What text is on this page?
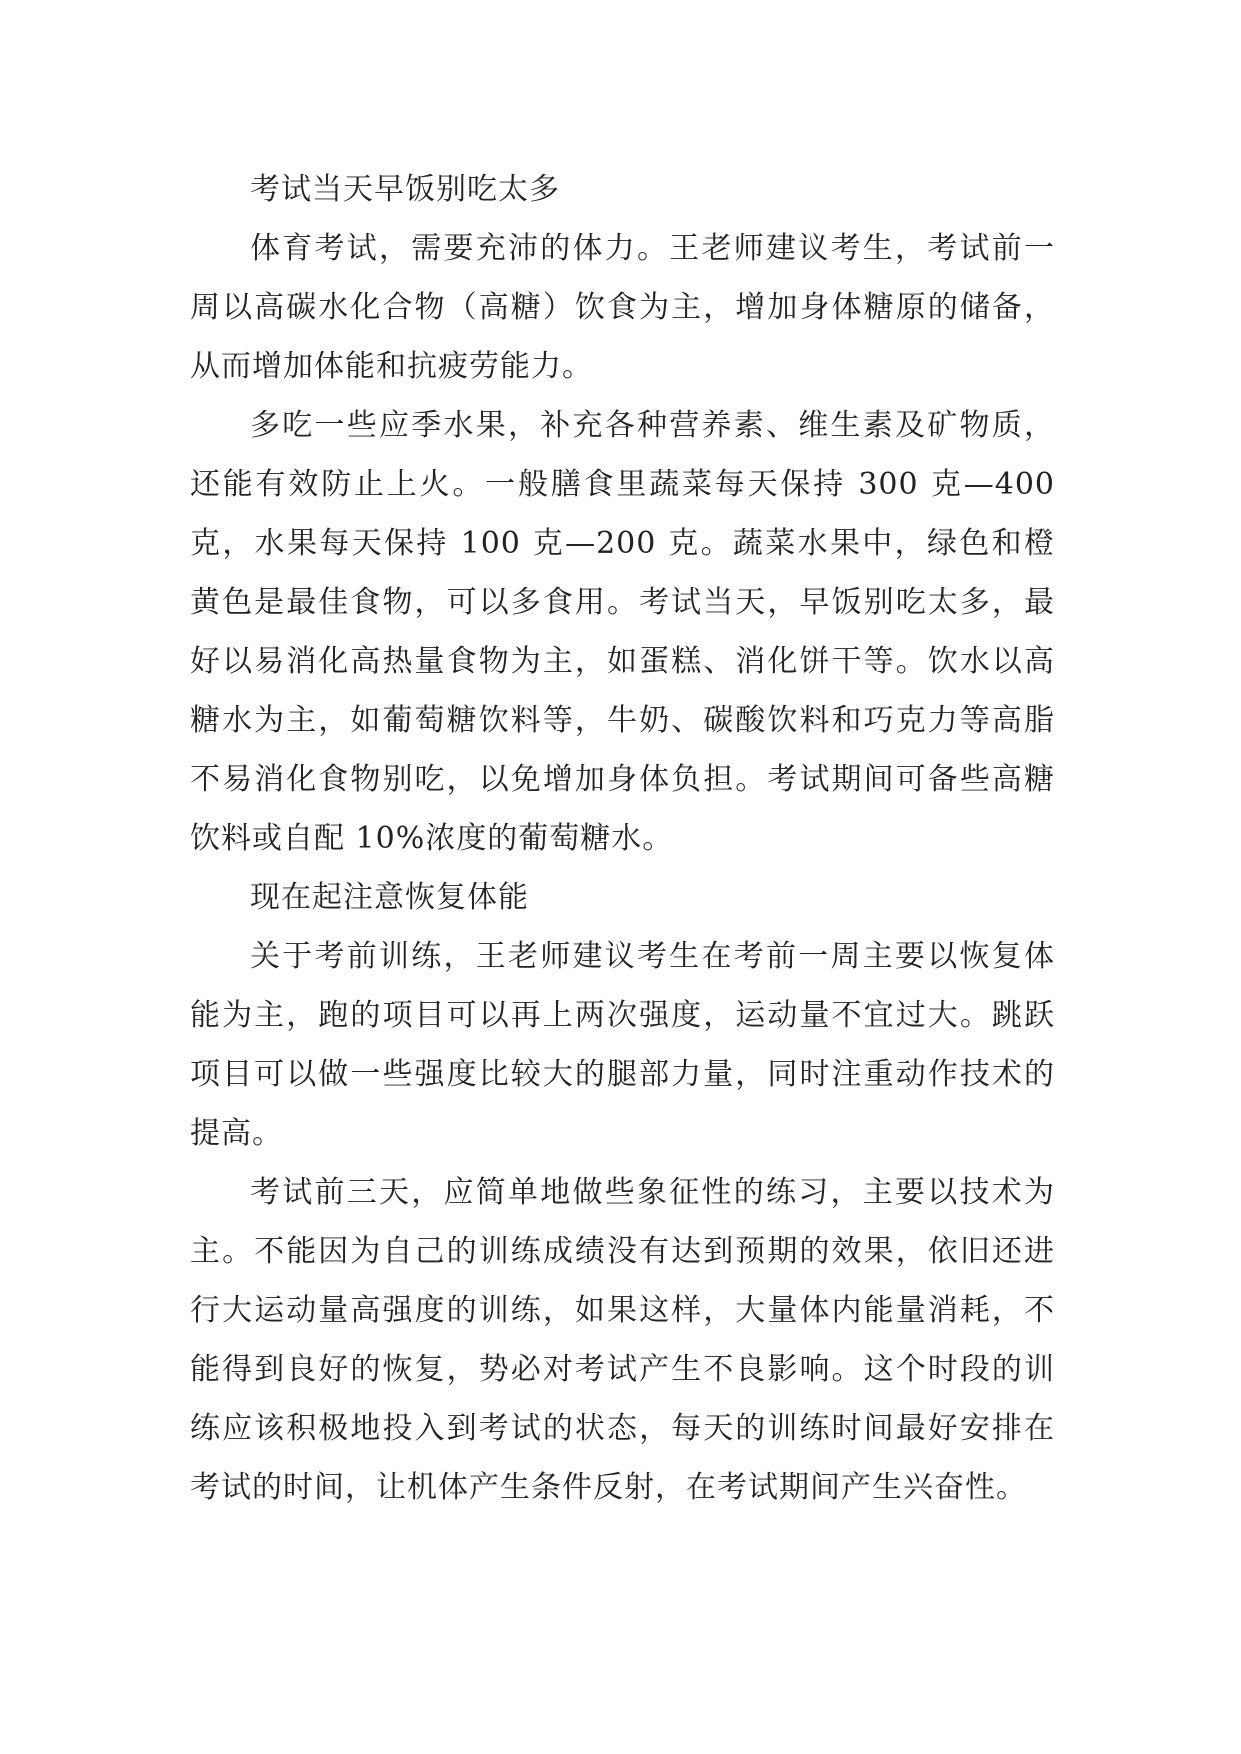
考试当天早饭别吃太多

体育考试，需要充沛的体力。王老师建议考生，考试前一周以高碳水化合物（高糖）饮食为主，增加身体糖原的储备，从而增加体能和抗疲劳能力。

多吃一些应季水果，补充各种营养素、维生素及矿物质，还能有效防止上火。一般膳食里蔬菜每天保持 300 克—400 克，水果每天保持 100 克—200 克。蔬菜水果中，绿色和橙黄色是最佳食物，可以多食用。考试当天，早饭别吃太多，最好以易消化高热量食物为主，如蛋糕、消化饼干等。饮水以高糖水为主，如葡萄糖饮料等，牛奶、碳酸饮料和巧克力等高脂不易消化食物别吃，以免增加身体负担。考试期间可备些高糖饮料或自配 10%浓度的葡萄糖水。

现在起注意恢复体能

关于考前训练，王老师建议考生在考前一周主要以恢复体能为主，跑的项目可以再上两次强度，运动量不宜过大。跳跃项目可以做一些强度比较大的腿部力量，同时注重动作技术的提高。

考试前三天，应简单地做些象征性的练习，主要以技术为主。不能因为自己的训练成绩没有达到预期的效果，依旧还进行大运动量高强度的训练，如果这样，大量体内能量消耗，不能得到良好的恢复，势必对考试产生不良影响。这个时段的训练应该积极地投入到考试的状态，每天的训练时间最好安排在考试的时间，让机体产生条件反射，在考试期间产生兴奋性。
